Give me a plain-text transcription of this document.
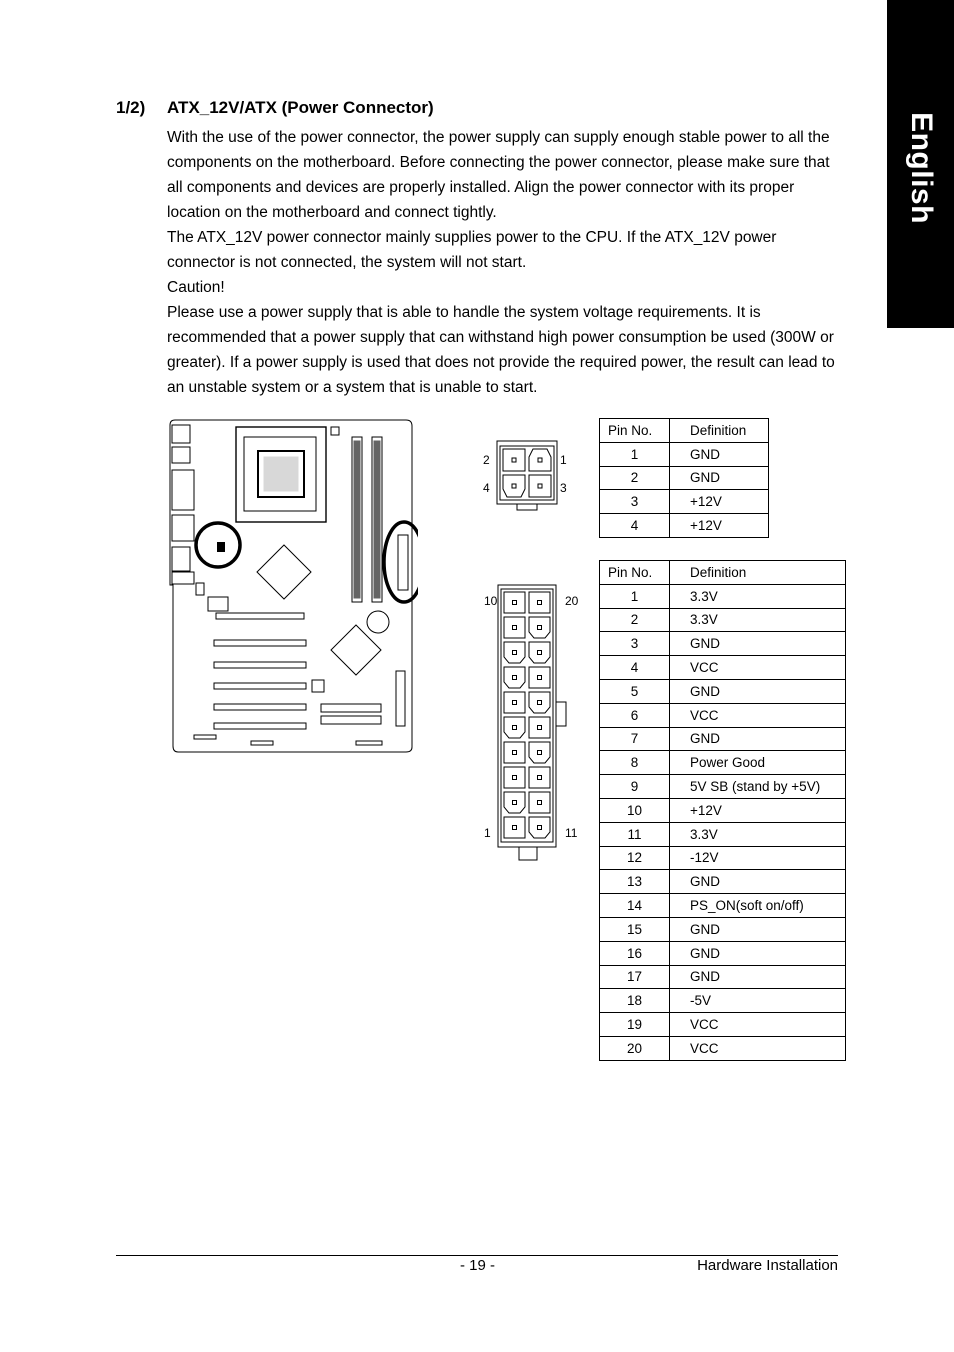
English
1/2) ATX_12V/ATX (Power Connector)

With the use of the power connector, the power supply can supply enough stable power to all the components on the motherboard. Before connecting the power connector, please make sure that all components and devices are properly installed. Align the power connector with its proper location on the motherboard and connect tightly.

The ATX_12V power connector mainly supplies power to the CPU. If the ATX_12V power connector is not connected, the system will not start.

Caution!

Please use a power supply that is able to handle the system voltage requirements. It is recommended that a power supply that can withstand high power consumption be used (300W or greater). If a power supply is used that does not provide the required power, the result can lead to an unstable system or a system that is unable to start.

2	1
4	3
Pin No.	Definition
1	GND
2	GND
3	+12V
4	+12V
10	20
1	11
Pin No.	Definition
1	3.3V
2	3.3V
3	GND
4	VCC
5	GND
6	VCC
7	GND
8	Power Good
9	5V SB (stand by +5V)
10	+12V
11	3.3V
12	-12V
13	GND
14	PS_ON(soft on/off)
15	GND
16	GND
17	GND
18	-5V
19	VCC
20	VCC
- 19 -	Hardware Installation
